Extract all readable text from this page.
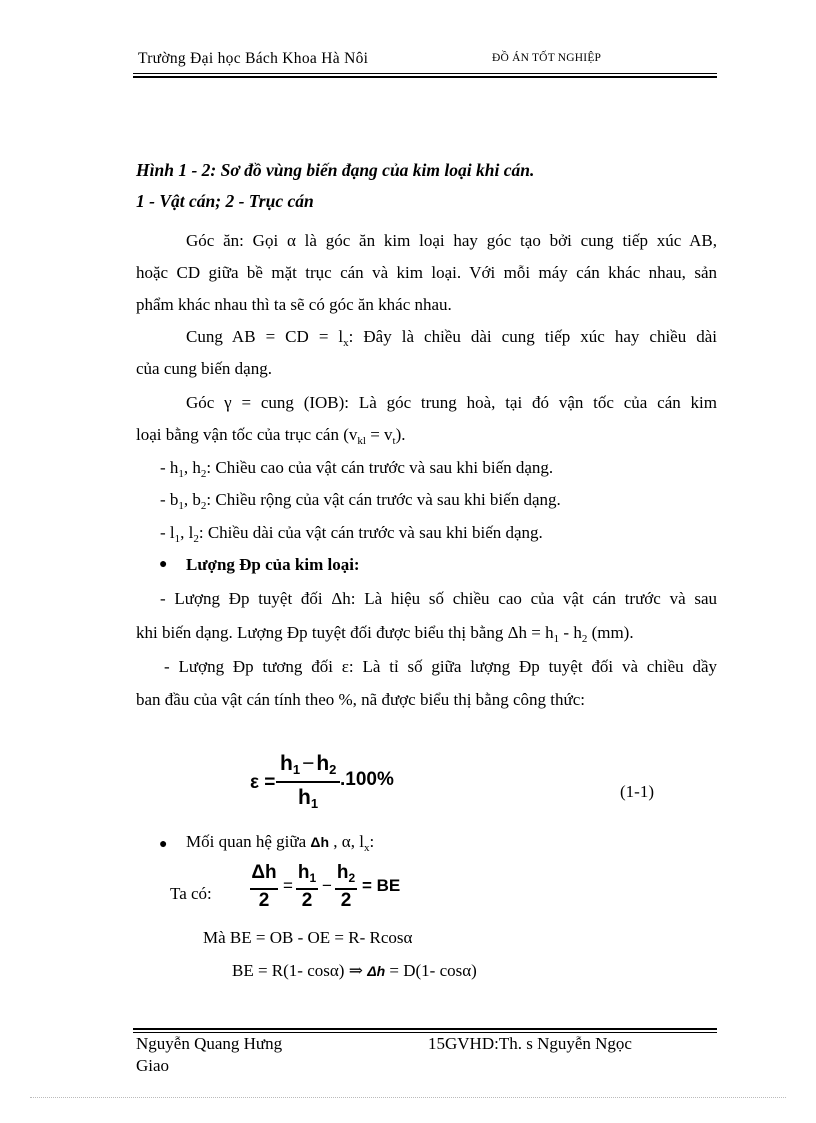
Trường Đại học Bách Khoa Hà Nôi	ĐỒ ÁN TỐT NGHIỆP
Hình 1 - 2: Sơ đồ vùng biến đạng của kim loại khi cán.
1 - Vật cán; 2 - Trục cán
Góc ăn: Gọi α là góc ăn kim loại hay góc tạo bởi cung tiếp xúc AB,
hoặc CD giữa bề mặt trục cán và kim loại. Với mỗi máy cán khác nhau, sản
phẩm khác nhau thì ta sẽ có góc ăn khác nhau.
Cung AB = CD = $l_x$: Đây là chiều dài cung tiếp xúc hay chiều dài
của cung biến dạng.
Góc γ = cung (IOB): Là góc trung hoà, tại đó vận tốc của cán kim
loại bằng vận tốc của trục cán $(v_{kl} = v_t)$.
- $h_1$, $h_2$: Chiều cao của vật cán trước và sau khi biến dạng.
- $b_1$, $b_2$: Chiều rộng của vật cán trước và sau khi biến dạng.
- $l_1$, $l_2$: Chiều dài của vật cán trước và sau khi biến dạng.
● Lượng Đp của kim loại:
- Lượng Đp tuyệt đối Δh: Là hiệu số chiều cao của vật cán trước và sau
khi biến dạng. Lượng Đp tuyệt đối được biểu thị bằng $\Delta h = h_1 - h_2$ (mm).
- Lượng Đp tương đối ε: Là tỉ số giữa lượng Đp tuyệt đối và chiều dầy
ban đầu của vật cán tính theo %, nã được biểu thị bằng công thức:
ε =
$h_1-h_2$
$h_1$
.100%
(1-1)
● Mối quan hệ giữa Δh , α, $l_x$:
Ta có:
Δh
2
=
$h_1$
2
−
$h_2$
2
= BE
Mà BE = OB - OE = R- Rcosα
BE = R(1- cosα) ⇒ Δh = D(1- cosα)
Nguyễn Quang Hưng	15GVHD:Th. s Nguyễn Ngọc
Giao
